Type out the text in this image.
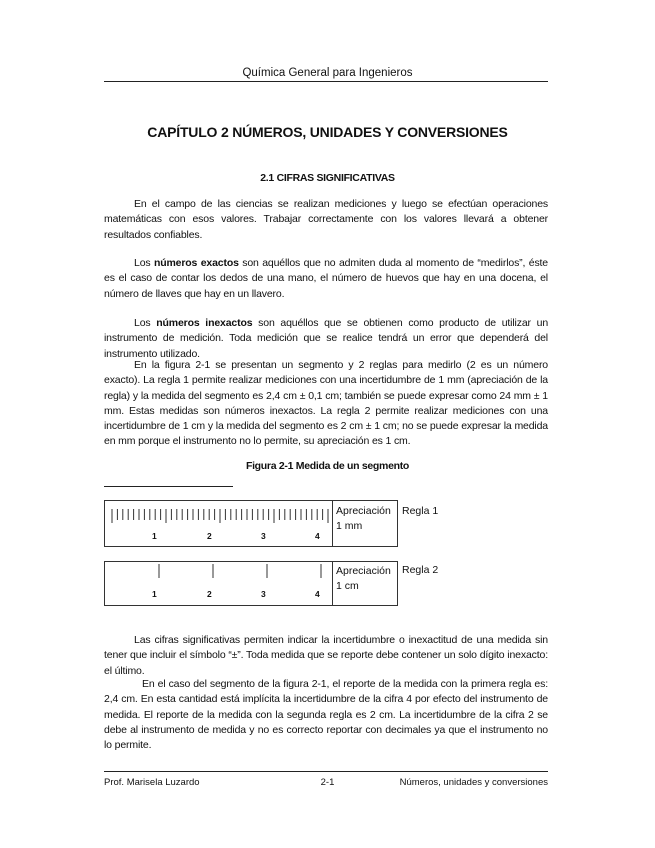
Química General para Ingenieros
CAPÍTULO 2 NÚMEROS, UNIDADES Y CONVERSIONES
2.1 CIFRAS SIGNIFICATIVAS
En el campo de las ciencias se realizan mediciones y luego se efectúan operaciones matemáticas con esos valores. Trabajar correctamente con los valores llevará a obtener resultados confiables.
Los números exactos son aquéllos que no admiten duda al momento de “medirlos”, éste es el caso de contar los dedos de una mano, el número de huevos que hay en una docena, el número de llaves que hay en un llavero.
Los números inexactos son aquéllos que se obtienen como producto de utilizar un instrumento de medición. Toda medición que se realice tendrá un error que dependerá del instrumento utilizado.
En la figura 2-1 se presentan un segmento y 2 reglas para medirlo (2 es un número exacto). La regla 1 permite realizar mediciones con una incertidumbre de 1 mm (apreciación de la regla) y la medida del segmento es 2,4 cm ± 0,1 cm; también se puede expresar como 24 mm ± 1 mm. Estas medidas son números inexactos. La regla 2 permite realizar mediciones con una incertidumbre de 1 cm y la medida del segmento es 2 cm ± 1 cm; no se puede expresar la medida en mm porque el instrumento no lo permite, su apreciación es 1 cm.
Figura 2-1 Medida de un segmento
1	2	3	4
Apreciación
1 mm
Regla 1
1	2	3	4
Apreciación
1 cm
Regla 2
Las cifras significativas permiten indicar la incertidumbre o inexactitud de una medida sin tener que incluir el símbolo “±”. Toda medida que se reporte debe contener un solo dígito inexacto: el último.
En el caso del segmento de la figura 2-1, el reporte de la medida con la primera regla es: 2,4 cm. En esta cantidad está implícita la incertidumbre de la cifra 4 por efecto del instrumento de medida. El reporte de la medida con la segunda regla es 2 cm. La incertidumbre de la cifra 2 se debe al instrumento de medida y no es correcto reportar con decimales ya que el instrumento no lo permite.
Prof. Marisela Luzardo	2-1	Números, unidades y conversiones
